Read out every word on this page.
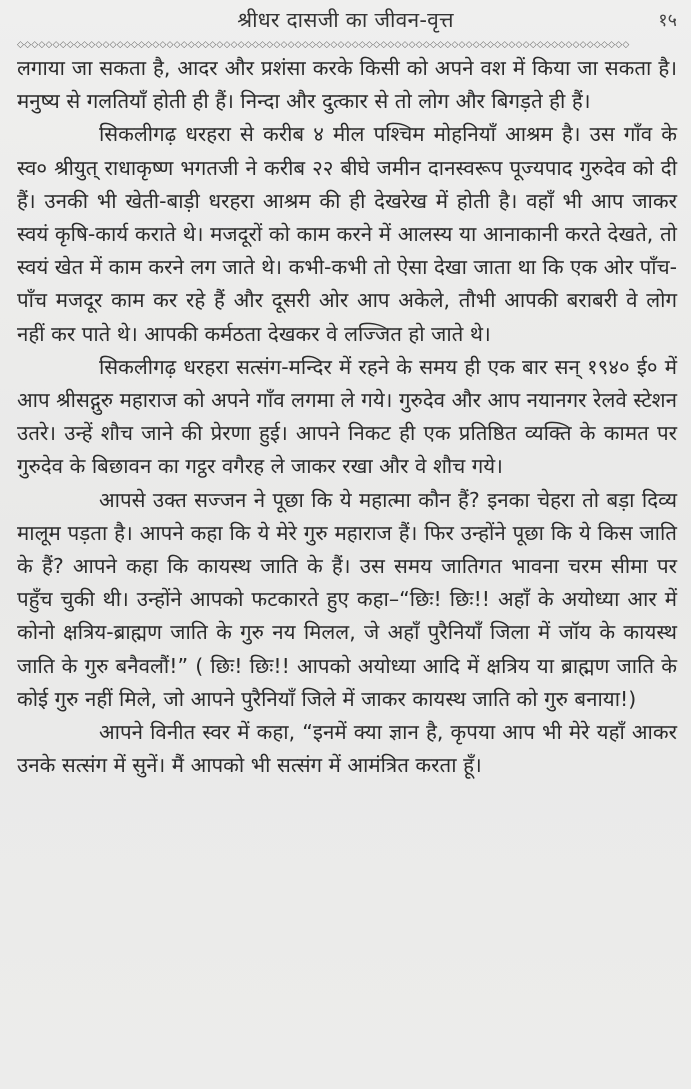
श्रीधर दासजी का जीवन-वृत्त	१५
◇◇◇◇◇◇◇◇◇◇◇◇◇◇◇◇◇◇◇◇◇◇◇◇◇◇◇◇◇◇◇◇◇◇◇◇◇◇◇◇◇◇◇◇◇◇◇◇◇◇◇◇◇◇◇◇◇◇◇◇◇◇◇◇◇◇◇◇◇◇◇◇◇◇◇◇◇◇◇◇◇◇◇◇◇◇

लगाया जा सकता है, आदर और प्रशंसा करके किसी को अपने वश में किया जा सकता है। मनुष्य से गलतियाँ होती ही हैं। निन्दा और दुत्कार से तो लोग और बिगड़ते ही हैं।

सिकलीगढ़ धरहरा से करीब ४ मील पश्चिम मोहनियाँ आश्रम है। उस गाँव के स्व० श्रीयुत् राधाकृष्ण भगतजी ने करीब २२ बीघे जमीन दानस्वरूप पूज्यपाद गुरुदेव को दी हैं। उनकी भी खेती-बाड़ी धरहरा आश्रम की ही देखरेख में होती है। वहाँ भी आप जाकर स्वयं कृषि-कार्य कराते थे। मजदूरों को काम करने में आलस्य या आनाकानी करते देखते, तो स्वयं खेत में काम करने लग जाते थे। कभी-कभी तो ऐसा देखा जाता था कि एक ओर पाँच-पाँच मजदूर काम कर रहे हैं और दूसरी ओर आप अकेले, तौभी आपकी बराबरी वे लोग नहीं कर पाते थे। आपकी कर्मठता देखकर वे लज्जित हो जाते थे।

सिकलीगढ़ धरहरा सत्संग-मन्दिर में रहने के समय ही एक बार सन् १९४० ई० में आप श्रीसद्गुरु महाराज को अपने गाँव लगमा ले गये। गुरुदेव और आप नयानगर रेलवे स्टेशन उतरे। उन्हें शौच जाने की प्रेरणा हुई। आपने निकट ही एक प्रतिष्ठित व्यक्ति के कामत पर गुरुदेव के बिछावन का गट्ठर वगैरह ले जाकर रखा और वे शौच गये।

आपसे उक्त सज्जन ने पूछा कि ये महात्मा कौन हैं? इनका चेहरा तो बड़ा दिव्य मालूम पड़ता है। आपने कहा कि ये मेरे गुरु महाराज हैं। फिर उन्होंने पूछा कि ये किस जाति के हैं? आपने कहा कि कायस्थ जाति के हैं। उस समय जातिगत भावना चरम सीमा पर पहुँच चुकी थी। उन्होंने आपको फटकारते हुए कहा–“छिः! छिः!! अहाँ के अयोध्या आर में कोनो क्षत्रिय-ब्राह्मण जाति के गुरु नय मिलल, जे अहाँ पुरैनियाँ जिला में जॉय के कायस्थ जाति के गुरु बनैवलौं!” ( छिः! छिः!! आपको अयोध्या आदि में क्षत्रिय या ब्राह्मण जाति के कोई गुरु नहीं मिले, जो आपने पुरैनियाँ जिले में जाकर कायस्थ जाति को गुरु बनाया!)

आपने विनीत स्वर में कहा, “इनमें क्या ज्ञान है, कृपया आप भी मेरे यहाँ आकर उनके सत्संग में सुनें। मैं आपको भी सत्संग में आमंत्रित करता हूँ।
